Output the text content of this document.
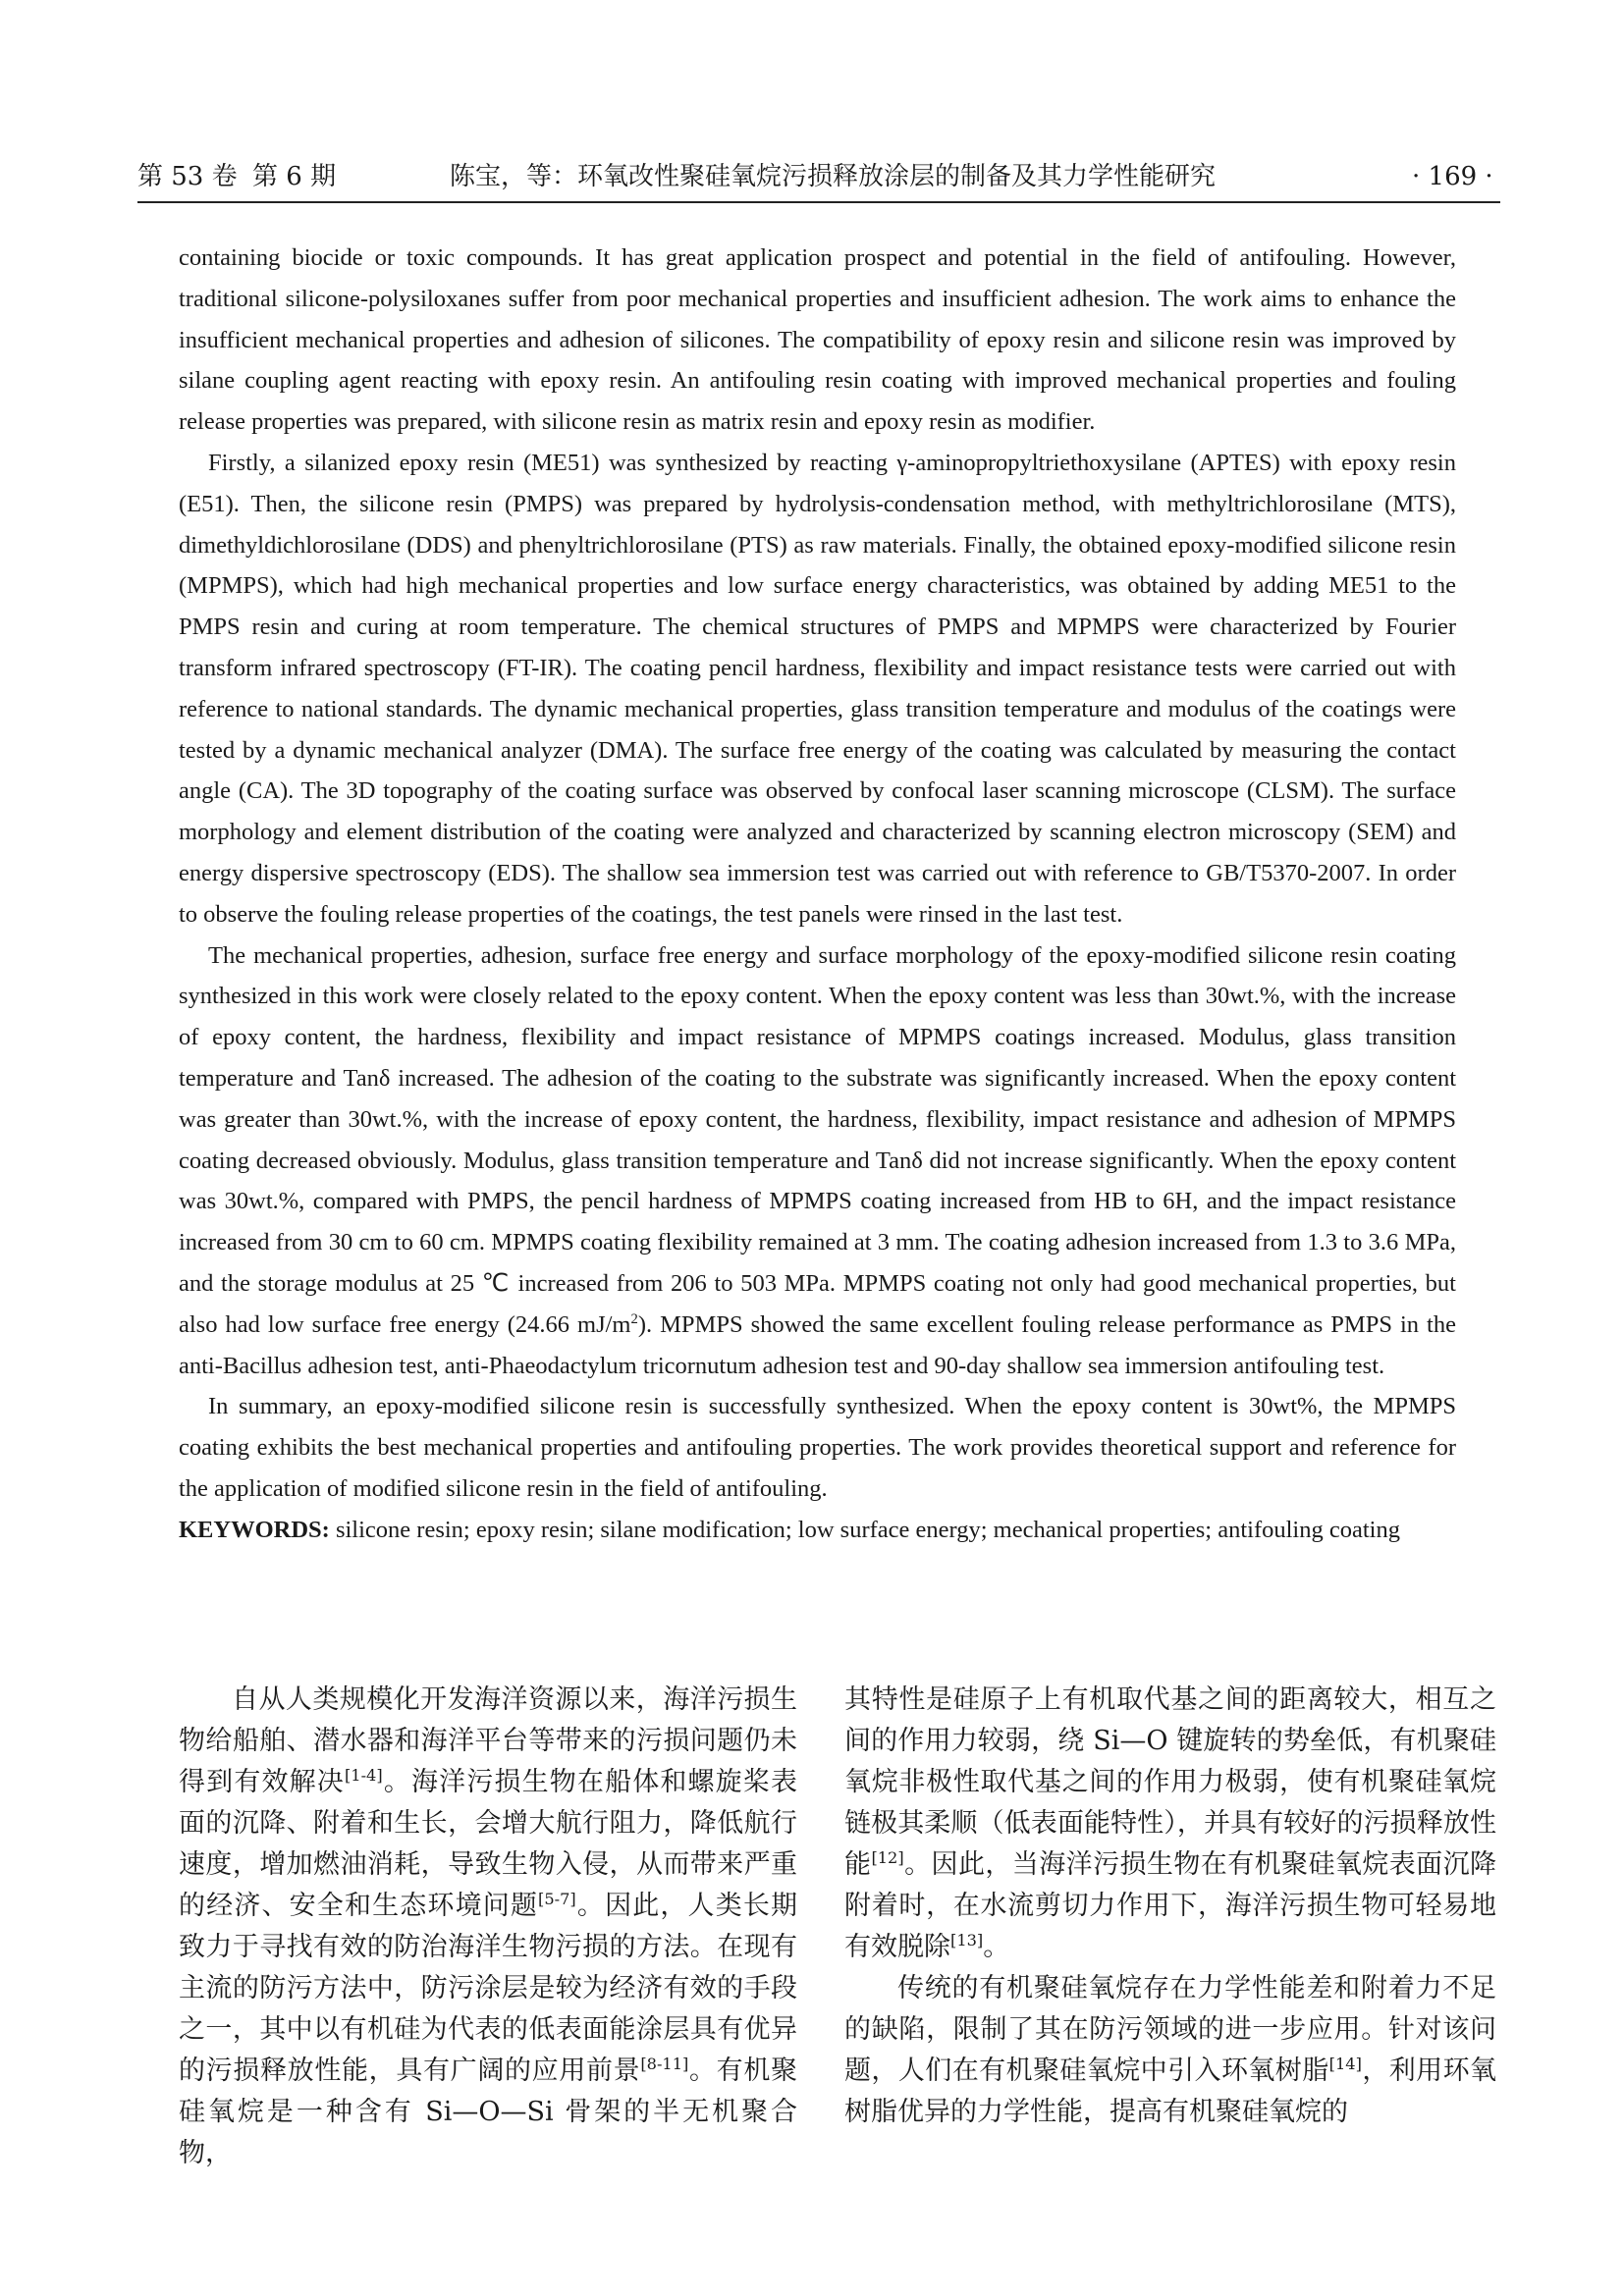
第 53 卷 第 6 期	陈宝，等：环氧改性聚硅氧烷污损释放涂层的制备及其力学性能研究	· 169 ·

containing biocide or toxic compounds. It has great application prospect and potential in the field of antifouling. However, traditional silicone-polysiloxanes suffer from poor mechanical properties and insufficient adhesion. The work aims to enhance the insufficient mechanical properties and adhesion of silicones. The compatibility of epoxy resin and silicone resin was improved by silane coupling agent reacting with epoxy resin. An antifouling resin coating with improved mechanical properties and fouling release properties was prepared, with silicone resin as matrix resin and epoxy resin as modifier.

Firstly, a silanized epoxy resin (ME51) was synthesized by reacting γ-aminopropyltriethoxysilane (APTES) with epoxy resin (E51). Then, the silicone resin (PMPS) was prepared by hydrolysis-condensation method, with methyltrichlorosilane (MTS), dimethyldichlorosilane (DDS) and phenyltrichlorosilane (PTS) as raw materials. Finally, the obtained epoxy-modified silicone resin (MPMPS), which had high mechanical properties and low surface energy characteristics, was obtained by adding ME51 to the PMPS resin and curing at room temperature. The chemical structures of PMPS and MPMPS were characterized by Fourier transform infrared spectroscopy (FT-IR). The coating pencil hardness, flexibility and impact resistance tests were carried out with reference to national standards. The dynamic mechanical properties, glass transition temperature and modulus of the coatings were tested by a dynamic mechanical analyzer (DMA). The surface free energy of the coating was calculated by measuring the contact angle (CA). The 3D topography of the coating surface was observed by confocal laser scanning microscope (CLSM). The surface morphology and element distribution of the coating were analyzed and characterized by scanning electron microscopy (SEM) and energy dispersive spectroscopy (EDS). The shallow sea immersion test was carried out with reference to GB/T5370-2007. In order to observe the fouling release properties of the coatings, the test panels were rinsed in the last test.

The mechanical properties, adhesion, surface free energy and surface morphology of the epoxy-modified silicone resin coating synthesized in this work were closely related to the epoxy content. When the epoxy content was less than 30wt.%, with the increase of epoxy content, the hardness, flexibility and impact resistance of MPMPS coatings increased. Modulus, glass transition temperature and Tanδ increased. The adhesion of the coating to the substrate was significantly increased. When the epoxy content was greater than 30wt.%, with the increase of epoxy content, the hardness, flexibility, impact resistance and adhesion of MPMPS coating decreased obviously. Modulus, glass transition temperature and Tanδ did not increase significantly. When the epoxy content was 30wt.%, compared with PMPS, the pencil hardness of MPMPS coating increased from HB to 6H, and the impact resistance increased from 30 cm to 60 cm. MPMPS coating flexibility remained at 3 mm. The coating adhesion increased from 1.3 to 3.6 MPa, and the storage modulus at 25 ℃ increased from 206 to 503 MPa. MPMPS coating not only had good mechanical properties, but also had low surface free energy (24.66 $mJ/m^2$). MPMPS showed the same excellent fouling release performance as PMPS in the anti-Bacillus adhesion test, anti-Phaeodactylum tricornutum adhesion test and 90-day shallow sea immersion antifouling test.

In summary, an epoxy-modified silicone resin is successfully synthesized. When the epoxy content is 30wt%, the MPMPS coating exhibits the best mechanical properties and antifouling properties. The work provides theoretical support and reference for the application of modified silicone resin in the field of antifouling.

KEYWORDS: silicone resin; epoxy resin; silane modification; low surface energy; mechanical properties; antifouling coating

自从人类规模化开发海洋资源以来，海洋污损生物给船舶、潜水器和海洋平台等带来的污损问题仍未得到有效解决[1-4]。海洋污损生物在船体和螺旋桨表面的沉降、附着和生长，会增大航行阻力，降低航行速度，增加燃油消耗，导致生物入侵，从而带来严重的经济、安全和生态环境问题[5-7]。因此，人类长期致力于寻找有效的防治海洋生物污损的方法。在现有主流的防污方法中，防污涂层是较为经济有效的手段之一，其中以有机硅为代表的低表面能涂层具有优异的污损释放性能，具有广阔的应用前景[8-11]。有机聚硅氧烷是一种含有 Si—O—Si 骨架的半无机聚合物，

其特性是硅原子上有机取代基之间的距离较大，相互之间的作用力较弱，绕 Si—O 键旋转的势垒低，有机聚硅氧烷非极性取代基之间的作用力极弱，使有机聚硅氧烷链极其柔顺（低表面能特性），并具有较好的污损释放性能[12]。因此，当海洋污损生物在有机聚硅氧烷表面沉降附着时，在水流剪切力作用下，海洋污损生物可轻易地有效脱除[13]。

传统的有机聚硅氧烷存在力学性能差和附着力不足的缺陷，限制了其在防污领域的进一步应用。针对该问题，人们在有机聚硅氧烷中引入环氧树脂[14]，利用环氧树脂优异的力学性能，提高有机聚硅氧烷的
